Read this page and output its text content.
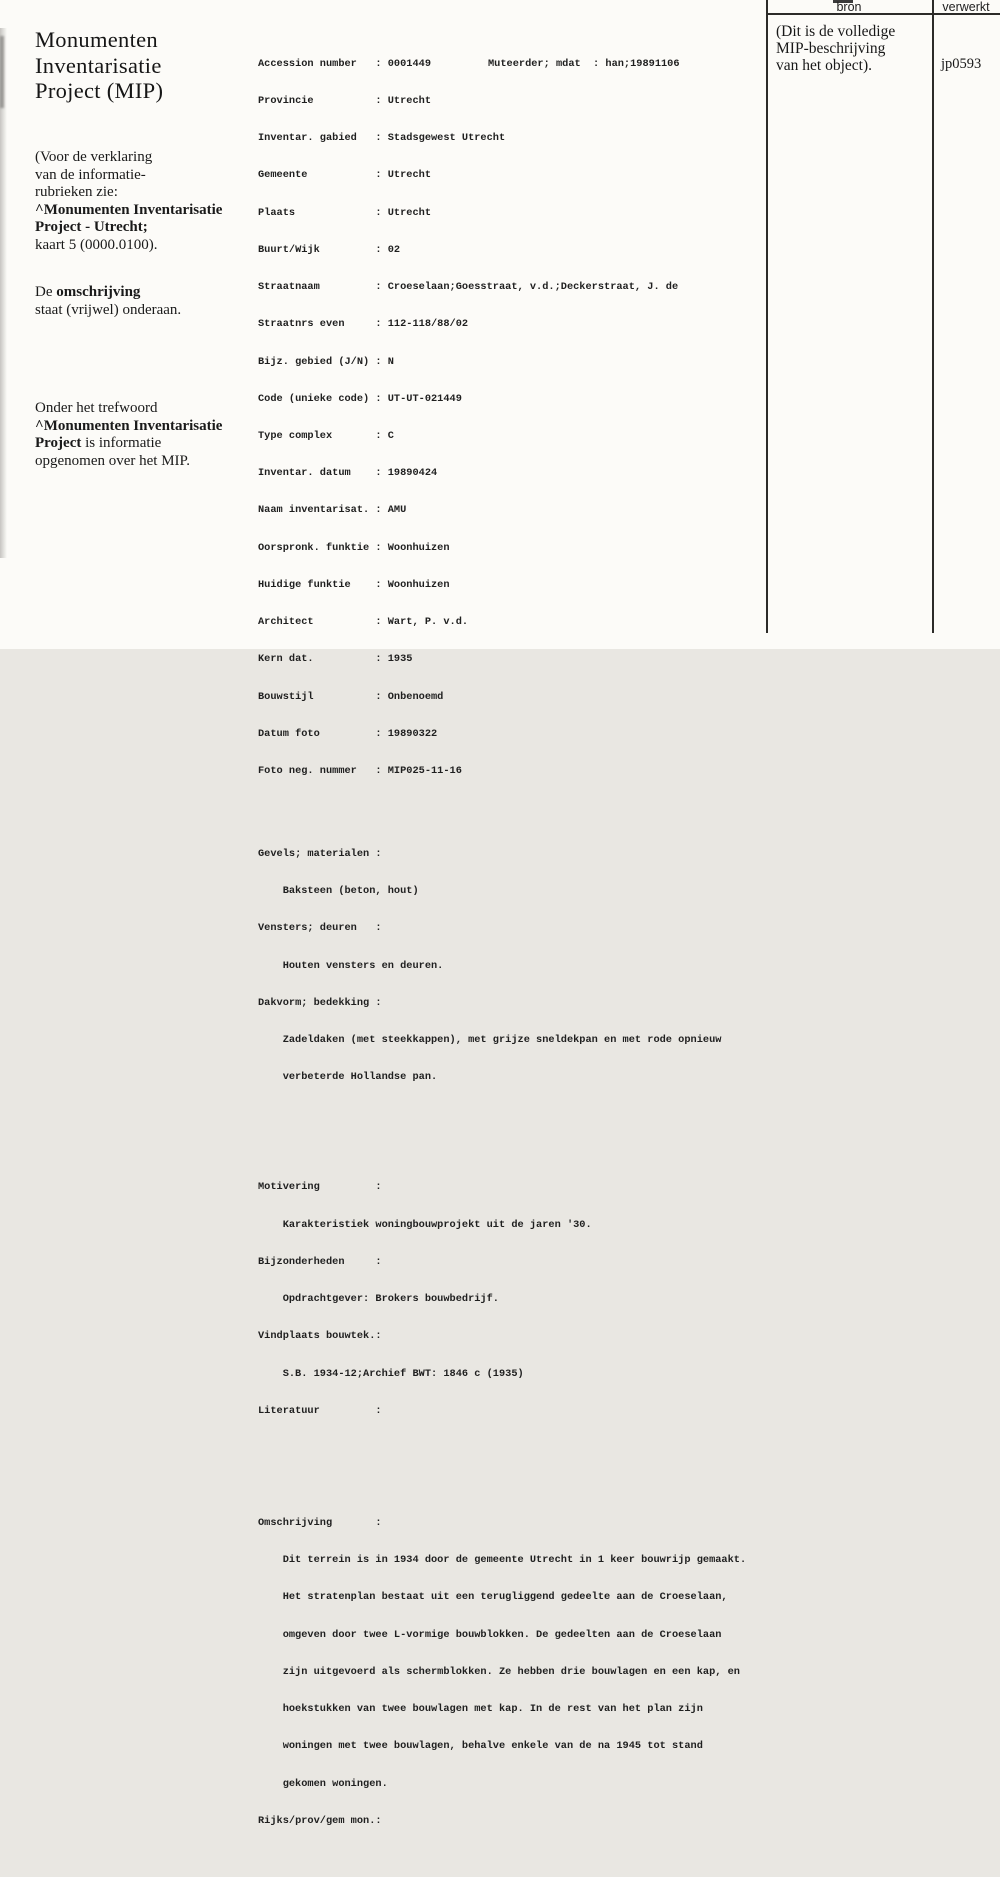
Monumenten
Inventarisatie
Project (MIP)

(Voor de verklaring
van de informatie-
rubrieken zie:
^Monumenten Inventarisatie
Project - Utrecht;
kaart 5 (0000.0100).

De omschrijving
staat (vrijwel) onderaan.

Onder het trefwoord
^Monumenten Inventarisatie
Project is informatie
opgenomen over het MIP.

Accession number : 0001449	Muteerder; mdat : han;19891106

Provincie	: Utrecht

Inventar. gabied : Stadsgewest Utrecht

Gemeente	: Utrecht

Plaats	: Utrecht

Buurt/Wijk	: 02

Straatnaam	: Croeselaan;Goesstraat, v.d.;Deckerstraat, J. de

Straatnrs even	: 112-118/88/02

Bijz. gebied (J/N) : N

Code (unieke code) : UT-UT-021449

Type complex	: C

Inventar. datum : 19890424

Naam inventarisat. : AMU

Oorspronk. funktie : Woonhuizen

Huidige funktie : Woonhuizen

Architect	: Wart, P. v.d.

Kern dat.	: 1935

Bouwstijl	: Onbenoemd

Datum foto	: 19890322

Foto neg. nummer : MIP025-11-16

Gevels; materialen :

Baksteen (beton, hout)

Vensters; deuren :

Houten vensters en deuren.

Dakvorm; bedekking :

Zadeldaken (met steekkappen), met grijze sneldekpan en met rode opnieuw

verbeterde Hollandse pan.

Motivering	:

Karakteristiek woningbouwprojekt uit de jaren '30.

Bijzonderheden	:

Opdrachtgever: Brokers bouwbedrijf.

Vindplaats bouwtek.:

S.B. 1934-12;Archief BWT: 1846 c (1935)

Literatuur	:

Omschrijving	:

Dit terrein is in 1934 door de gemeente Utrecht in 1 keer bouwrijp gemaakt.

Het stratenplan bestaat uit een terugliggend gedeelte aan de Croeselaan,

omgeven door twee L-vormige bouwblokken. De gedeelten aan de Croeselaan

zijn uitgevoerd als schermblokken. Ze hebben drie bouwlagen en een kap, en

hoekstukken van twee bouwlagen met kap. In de rest van het plan zijn

woningen met twee bouwlagen, behalve enkele van de na 1945 tot stand

gekomen woningen.

Rijks/prov/gem mon.:

bron	verwerkt

(Dit is de volledige
MIP-beschrijving
van het object).	jp0593
